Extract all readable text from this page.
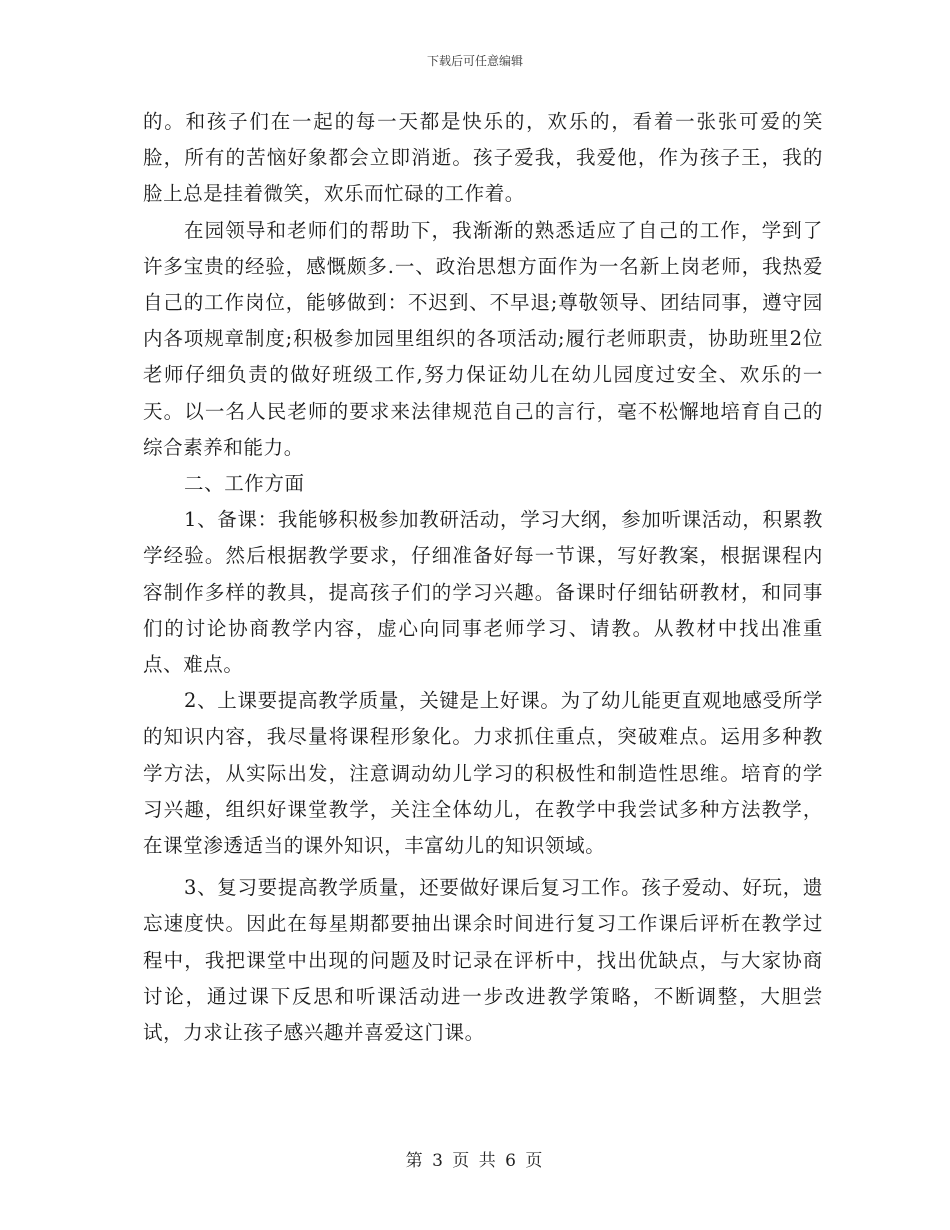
下载后可任意编辑

的。和孩子们在一起的每一天都是快乐的，欢乐的，看着一张张可爱的笑脸，所有的苦恼好象都会立即消逝。孩子爱我，我爱他，作为孩子王，我的脸上总是挂着微笑，欢乐而忙碌的工作着。

在园领导和老师们的帮助下，我渐渐的熟悉适应了自己的工作，学到了许多宝贵的经验，感慨颇多.一、政治思想方面作为一名新上岗老师，我热爱自己的工作岗位，能够做到：不迟到、不早退;尊敬领导、团结同事，遵守园内各项规章制度;积极参加园里组织的各项活动;履行老师职责，协助班里2位老师仔细负责的做好班级工作,努力保证幼儿在幼儿园度过安全、欢乐的一天。以一名人民老师的要求来法律规范自己的言行，毫不松懈地培育自己的综合素养和能力。

二、工作方面

1、备课：我能够积极参加教研活动，学习大纲，参加听课活动，积累教学经验。然后根据教学要求，仔细准备好每一节课，写好教案，根据课程内容制作多样的教具，提高孩子们的学习兴趣。备课时仔细钻研教材，和同事们的讨论协商教学内容，虚心向同事老师学习、请教。从教材中找出准重点、难点。

2、上课要提高教学质量，关键是上好课。为了幼儿能更直观地感受所学的知识内容，我尽量将课程形象化。力求抓住重点，突破难点。运用多种教学方法，从实际出发，注意调动幼儿学习的积极性和制造性思维。培育的学习兴趣，组织好课堂教学，关注全体幼儿，在教学中我尝试多种方法教学，在课堂渗透适当的课外知识，丰富幼儿的知识领域。

3、复习要提高教学质量，还要做好课后复习工作。孩子爱动、好玩，遗忘速度快。因此在每星期都要抽出课余时间进行复习工作课后评析在教学过程中，我把课堂中出现的问题及时记录在评析中，找出优缺点，与大家协商讨论，通过课下反思和听课活动进一步改进教学策略，不断调整，大胆尝试，力求让孩子感兴趣并喜爱这门课。

第 3 页 共 6 页
